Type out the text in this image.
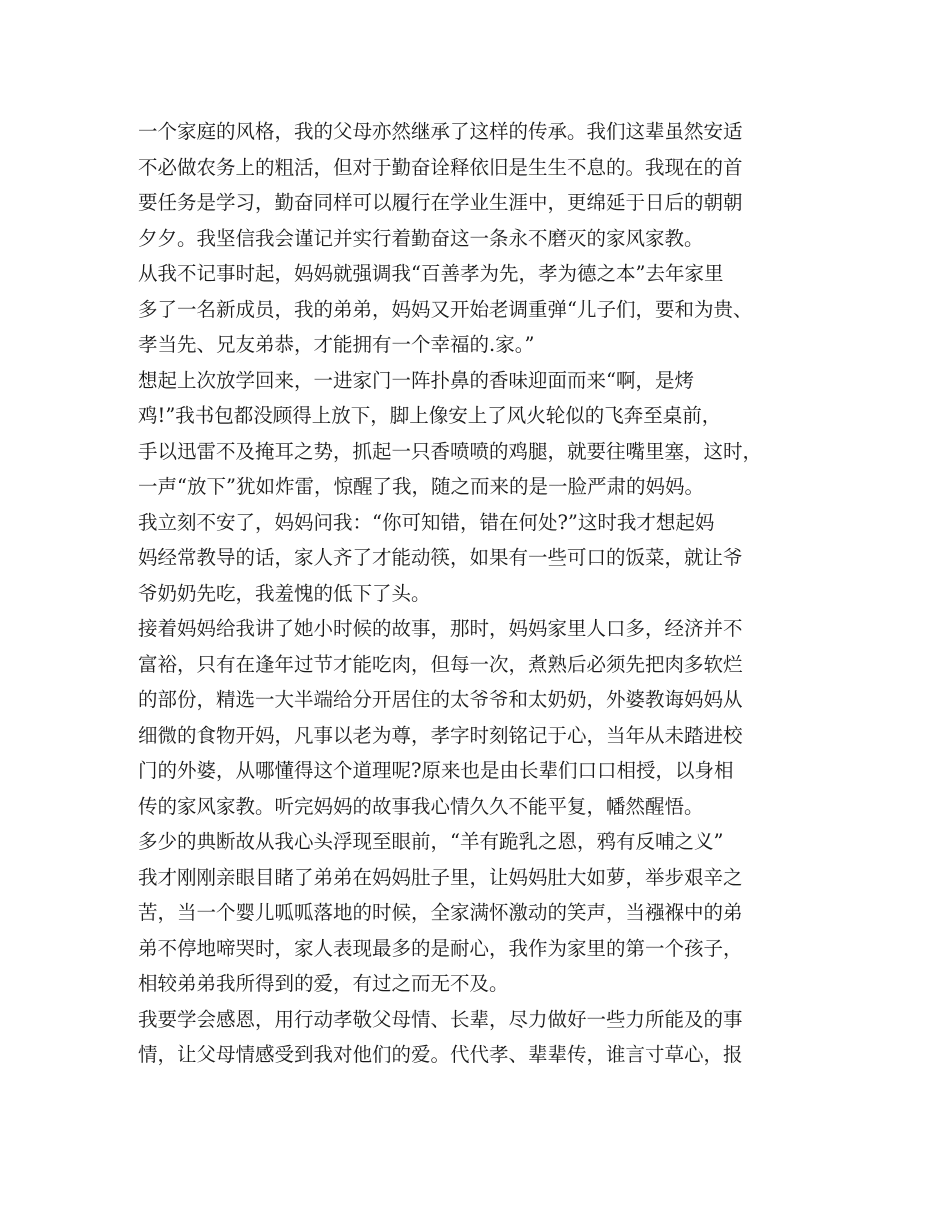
一个家庭的风格，我的父母亦然继承了这样的传承。我们这辈虽然安适
不必做农务上的粗活，但对于勤奋诠释依旧是生生不息的。我现在的首
要任务是学习，勤奋同样可以履行在学业生涯中，更绵延于日后的朝朝
夕夕。我坚信我会谨记并实行着勤奋这一条永不磨灭的家风家教。
从我不记事时起，妈妈就强调我“百善孝为先，孝为德之本”去年家里
多了一名新成员，我的弟弟，妈妈又开始老调重弹“儿子们，要和为贵、
孝当先、兄友弟恭，才能拥有一个幸福的.家。”
想起上次放学回来，一进家门一阵扑鼻的香味迎面而来“啊，是烤
鸡!”我书包都没顾得上放下，脚上像安上了风火轮似的飞奔至桌前，
手以迅雷不及掩耳之势，抓起一只香喷喷的鸡腿，就要往嘴里塞，这时，
一声“放下”犹如炸雷，惊醒了我，随之而来的是一脸严肃的妈妈。
我立刻不安了，妈妈问我：“你可知错，错在何处?”这时我才想起妈
妈经常教导的话，家人齐了才能动筷，如果有一些可口的饭菜，就让爷
爷奶奶先吃，我羞愧的低下了头。
接着妈妈给我讲了她小时候的故事，那时，妈妈家里人口多，经济并不
富裕，只有在逢年过节才能吃肉，但每一次，煮熟后必须先把肉多软烂
的部份，精选一大半端给分开居住的太爷爷和太奶奶，外婆教诲妈妈从
细微的食物开妈，凡事以老为尊，孝字时刻铭记于心，当年从未踏进校
门的外婆，从哪懂得这个道理呢?原来也是由长辈们口口相授，以身相
传的家风家教。听完妈妈的故事我心情久久不能平复，幡然醒悟。
多少的典断故从我心头浮现至眼前，“羊有跪乳之恩，鸦有反哺之义”
我才刚刚亲眼目睹了弟弟在妈妈肚子里，让妈妈肚大如萝，举步艰辛之
苦，当一个婴儿呱呱落地的时候，全家满怀激动的笑声，当襁褓中的弟
弟不停地啼哭时，家人表现最多的是耐心，我作为家里的第一个孩子，
相较弟弟我所得到的爱，有过之而无不及。
我要学会感恩，用行动孝敬父母情、长辈，尽力做好一些力所能及的事
情，让父母情感受到我对他们的爱。代代孝、辈辈传，谁言寸草心，报
